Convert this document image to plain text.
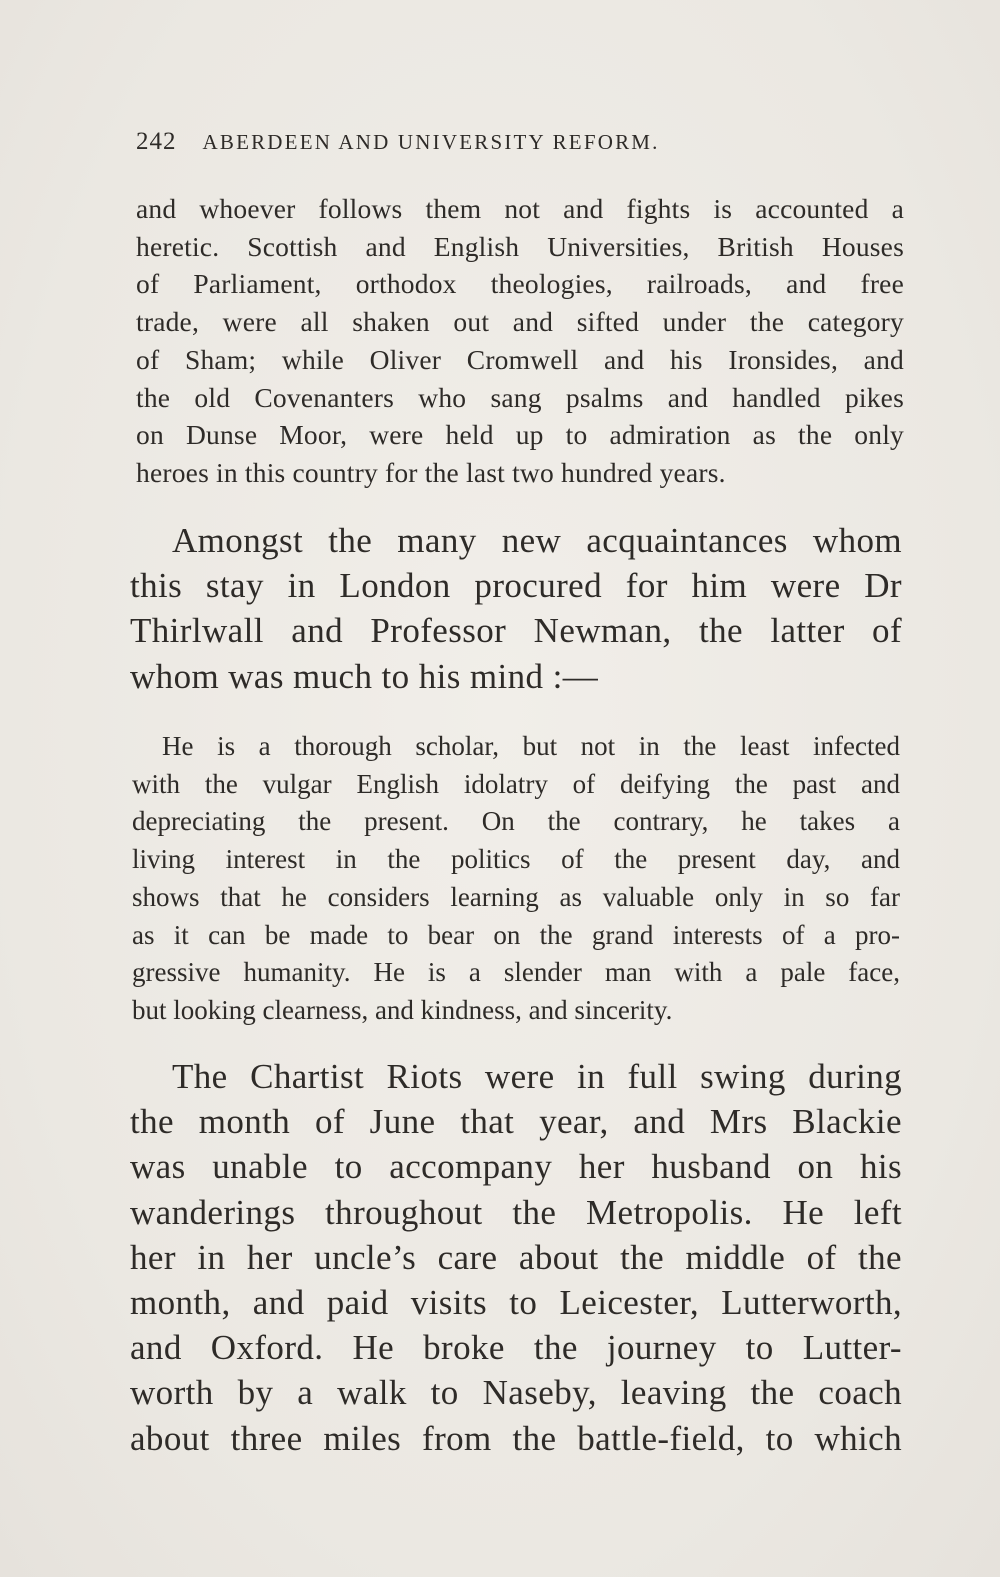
242 ABERDEEN AND UNIVERSITY REFORM.
and whoever follows them not and fights is accounted a
heretic. Scottish and English Universities, British Houses
of Parliament, orthodox theologies, railroads, and free
trade, were all shaken out and sifted under the category
of Sham; while Oliver Cromwell and his Ironsides, and
the old Covenanters who sang psalms and handled pikes
on Dunse Moor, were held up to admiration as the only
heroes in this country for the last two hundred years.
Amongst the many new acquaintances whom
this stay in London procured for him were Dr
Thirlwall and Professor Newman, the latter of
whom was much to his mind :—
He is a thorough scholar, but not in the least infected
with the vulgar English idolatry of deifying the past and
depreciating the present. On the contrary, he takes a
living interest in the politics of the present day, and
shows that he considers learning as valuable only in so far
as it can be made to bear on the grand interests of a pro-
gressive humanity. He is a slender man with a pale face,
but looking clearness, and kindness, and sincerity.
The Chartist Riots were in full swing during
the month of June that year, and Mrs Blackie
was unable to accompany her husband on his
wanderings throughout the Metropolis. He left
her in her uncle’s care about the middle of the
month, and paid visits to Leicester, Lutterworth,
and Oxford. He broke the journey to Lutter-
worth by a walk to Naseby, leaving the coach
about three miles from the battle-field, to which
